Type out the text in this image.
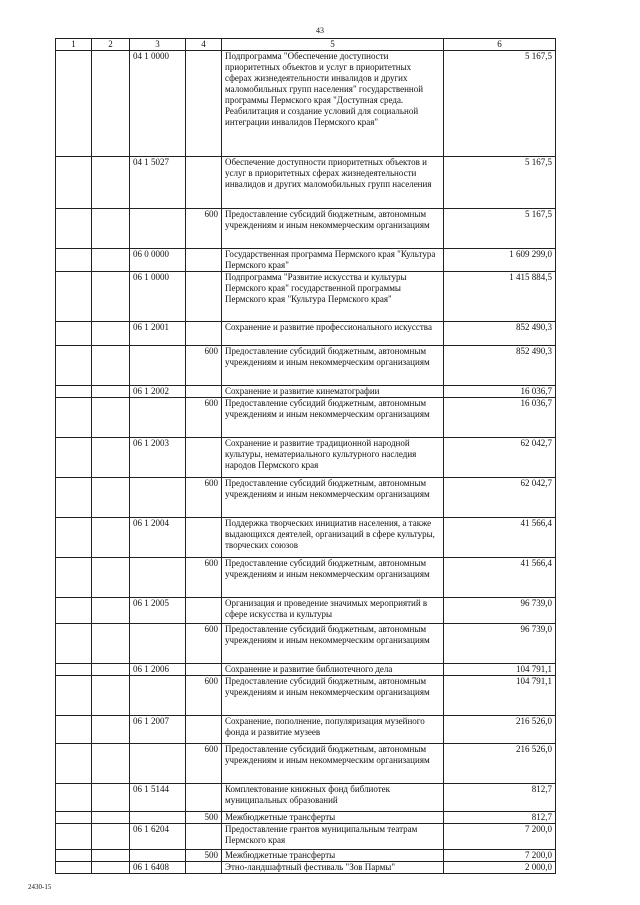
43
1	2	3	4	5	6
		04 1 0000		Подпрограмма "Обеспечение доступности приоритетных объектов и услуг в приоритетных сферах жизнедеятельности инвалидов и других маломобильных групп населения" государственной программы Пермского края "Доступная среда. Реабилитация и создание условий для социальной интеграции инвалидов Пермского края"	5 167,5
		04 1 5027		Обеспечение доступности приоритетных объектов и услуг в приоритетных сферах жизнедеятельности инвалидов и других маломобильных групп населения	5 167,5
			600	Предоставление субсидий бюджетным, автономным учреждениям и иным некоммерческим организациям	5 167,5
		06 0 0000		Государственная программа Пермского края "Культура Пермского края"	1 609 299,0
		06 1 0000		Подпрограмма "Развитие искусства и культуры Пермского края" государственной программы Пермского края "Культура Пермского края"	1 415 884,5
		06 1 2001		Сохранение и развитие профессионального искусства	852 490,3
			600	Предоставление субсидий бюджетным, автономным учреждениям и иным некоммерческим организациям	852 490,3
		06 1 2002		Сохранение и развитие кинематографии	16 036,7
			600	Предоставление субсидий бюджетным, автономным учреждениям и иным некоммерческим организациям	16 036,7
		06 1 2003		Сохранение и развитие традиционной народной культуры, нематериального культурного наследия народов Пермского края	62 042,7
			600	Предоставление субсидий бюджетным, автономным учреждениям и иным некоммерческим организациям	62 042,7
		06 1 2004		Поддержка творческих инициатив населения, а также выдающихся деятелей, организаций в сфере культуры, творческих союзов	41 566,4
			600	Предоставление субсидий бюджетным, автономным учреждениям и иным некоммерческим организациям	41 566,4
		06 1 2005		Организация и проведение значимых мероприятий в сфере искусства и культуры	96 739,0
			600	Предоставление субсидий бюджетным, автономным учреждениям и иным некоммерческим организациям	96 739,0
		06 1 2006		Сохранение и развитие библиотечного дела	104 791,1
			600	Предоставление субсидий бюджетным, автономным учреждениям и иным некоммерческим организациям	104 791,1
		06 1 2007		Сохранение, пополнение, популяризация музейного фонда и развитие музеев	216 526,0
			600	Предоставление субсидий бюджетным, автономным учреждениям и иным некоммерческим организациям	216 526,0
		06 1 5144		Комплектование книжных фонд библиотек муниципальных образований	812,7
			500	Межбюджетные трансферты	812,7
		06 1 6204		Предоставление грантов муниципальным театрам Пермского края	7 200,0
			500	Межбюджетные трансферты	7 200,0
		06 1 6408		Этно-ландшафтный фестиваль "Зов Пармы"	2 000,0
2430-15
